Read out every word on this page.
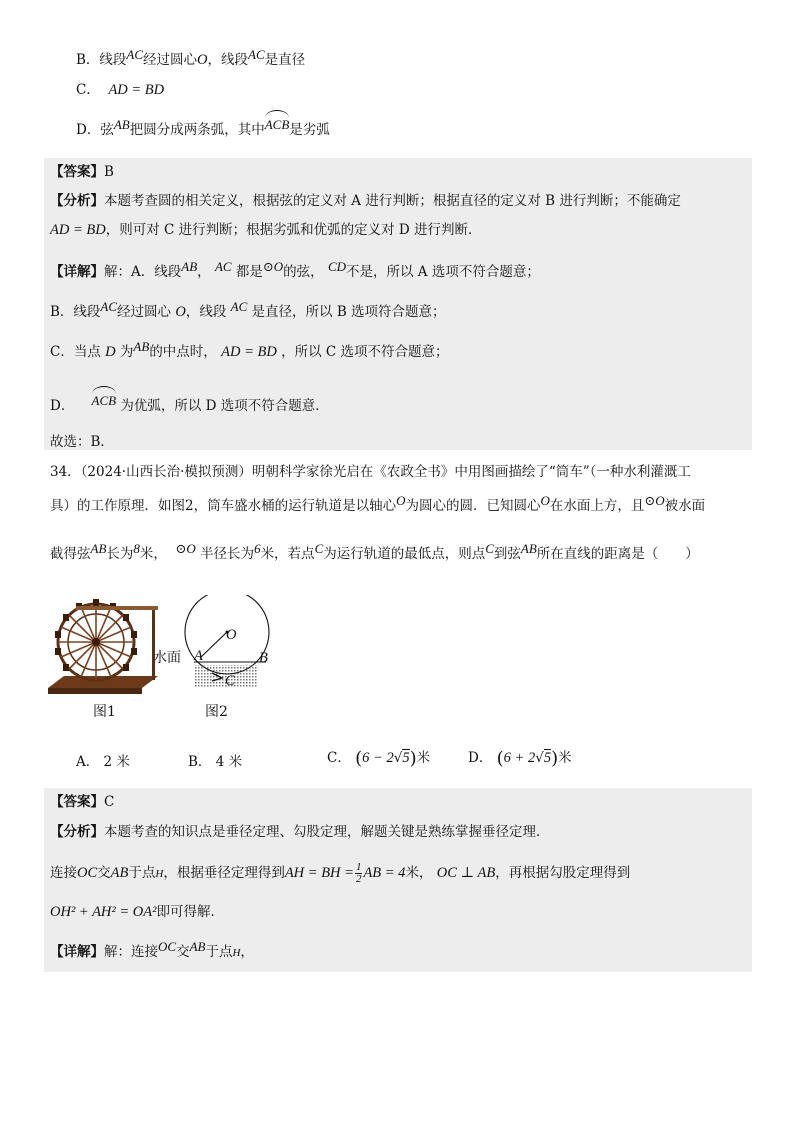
B．线段AC经过圆心O，线段AC是直径
C． AD = BD
D．弦AB把圆分成两条弧，其中ACB是劣弧
【答案】B
【分析】本题考查圆的相关定义，根据弦的定义对 A 进行判断；根据直径的定义对 B 进行判断；不能确定
AD = BD，则可对 C 进行判断；根据劣弧和优弧的定义对 D 进行判断．
【详解】解：A．线段AB， AC 都是⊙O的弦， CD不是，所以 A 选项不符合题意；
B．线段AC经过圆心 O，线段 AC 是直径，所以 B 选项符合题意；
C．当点 D 为AB的中点时， AD = BD ，所以 C 选项不符合题意；
D． ACB 为优弧，所以 D 选项不符合题意．
故选：B．
34．（2024·山西长治·模拟预测）明朝科学家徐光启在《农政全书》中用图画描绘了“筒车”（一种水利灌溉工
具）的工作原理．如图2，筒车盛水桶的运行轨道是以轴心O为圆心的圆．已知圆心O在水面上方，且⊙O被水面
截得弦AB长为8米， ⊙O 半径长为6米，若点C为运行轨道的最低点，则点C到弦AB所在直线的距离是（　　）
图1
O
水面 A	B
C
图2
A． 2 米	B． 4 米	C． (6 − 2√5)米	D． (6 + 2√5)米
【答案】C
【分析】本题考查的知识点是垂径定理、勾股定理，解题关键是熟练掌握垂径定理．
连接OC交AB于点H，根据垂径定理得到AH = BH = $\frac{1}{2}$ AB = 4米， OC ⊥ AB，再根据勾股定理得到
OH² + AH² = OA²即可得解．
【详解】解：连接OC交AB于点H，
